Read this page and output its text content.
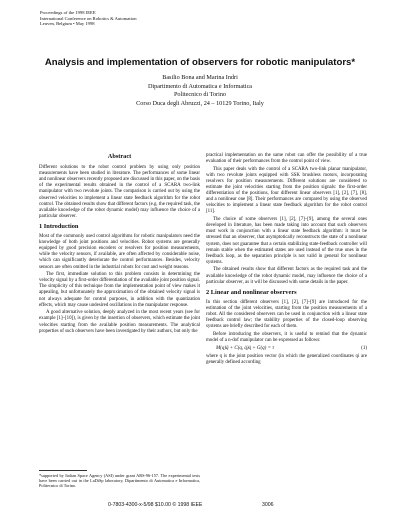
Proceedings of the 1998 IEEE
International Conference on Robotics & Automation
Leuven, Belgium • May 1998
Analysis and implementation of observers for robotic manipulators*
Basilio Bona and Marina Indri
Dipartimento di Automatica e Informatica
Politecnico di Torino
Corso Duca degli Abruzzi, 24 – 10129 Torino, Italy
Abstract

Different solutions to the robot control problem by using only position measurements have been studied in literature. The performances of some linear and nonlinear observers recently proposed are discussed in this paper, on the basis of the experimental results obtained in the control of a SCARA two-link manipulator with two revolute joints. The comparison is carried out by using the observed velocities to implement a linear state feedback algorithm for the robot control. The obtained results show that different factors (e.g. the required task, the available knowledge of the robot dynamic model) may influence the choice of a particular observer.

1 Introduction

Most of the commonly used control algorithms for robotic manipulators need the knowledge of both joint positions and velocities. Robot systems are generally equipped by good precision encoders or resolvers for position measurements, while the velocity sensors, if available, are often affected by considerable noise, which can significantly deteriorate the control performances. Besides, velocity sensors are often omitted in the industrial robots for cost and weight reasons.

The first, immediate solution to this problem consists in determining the velocity signal by a first-order differentiation of the available joint position signal. The simplicity of this technique from the implementation point of view makes it appealing, but unfortunately the approximation of the obtained velocity signal is not always adequate for control purposes, in addition with the quantization effects, which may cause undesired oscillations in the manipulator response.

A good alternative solution, deeply analyzed in the most recent years (see for example [1]–[10]), is given by the insertion of observers, which estimate the joint velocities starting from the available position measurements. The analytical properties of such observers have been investigated by their authors, but only the

practical implementation on the same robot can offer the possibility of a true evaluation of their performances from the control point of view.

This paper deals with the control of a SCARA two-link planar manipulator, with two revolute joints equipped with SSK brushless motors, incorporating resolvers for position measurements. Different solutions are considered to estimate the joint velocities starting from the position signals: the first-order differentiation of the positions, four different linear observers [1], [2], [7], [8], and a nonlinear one [8]. Their performances are compared by using the observed velocities to implement a linear state feedback algorithm for the robot control [11].

The choice of some observers [1], [2], [7]–[9], among the several ones developed in literature, has been made taking into account that such observers must work in conjunction with a linear state feedback algorithm: it must be stressed that an observer, that asymptotically reconstructs the state of a nonlinear system, does not guarantee that a certain stabilizing state-feedback controller will remain stable when the estimated states are used instead of the true ones in the feedback loop, as the separation principle is not valid in general for nonlinear systems.

The obtained results show that different factors as the required task and the available knowledge of the robot dynamic model, may influence the choice of a particular observer, as it will be discussed with some details in the paper.

2 Linear and nonlinear observers

In this section different observers [1], [2], [7]–[9] are introduced for the estimation of the joint velocities, starting from the position measurements of a robot. All the considered observers can be used in conjunction with a linear state feedback control law; the stability properties of the closed-loop observing systems are briefly described for each of them.

Before introducing the observers, it is useful to remind that the dynamic model of a n-dof manipulator can be expressed as follows:

M(q)q̈ + C(q, q̇)q̇ + G(q) = τ	(1)

where q is the joint position vector (in which the generalized coordinates qi are generally defined according

*supported by Italian Space Agency (ASI) under grant ARS-96-157. The experimental tests have been carried out in the LaDiSp laboratory, Dipartimento di Automatica e Informatica, Politecnico di Torino.

0-7803-4300-x-5/98 $10.00 © 1998 IEEE	3006
